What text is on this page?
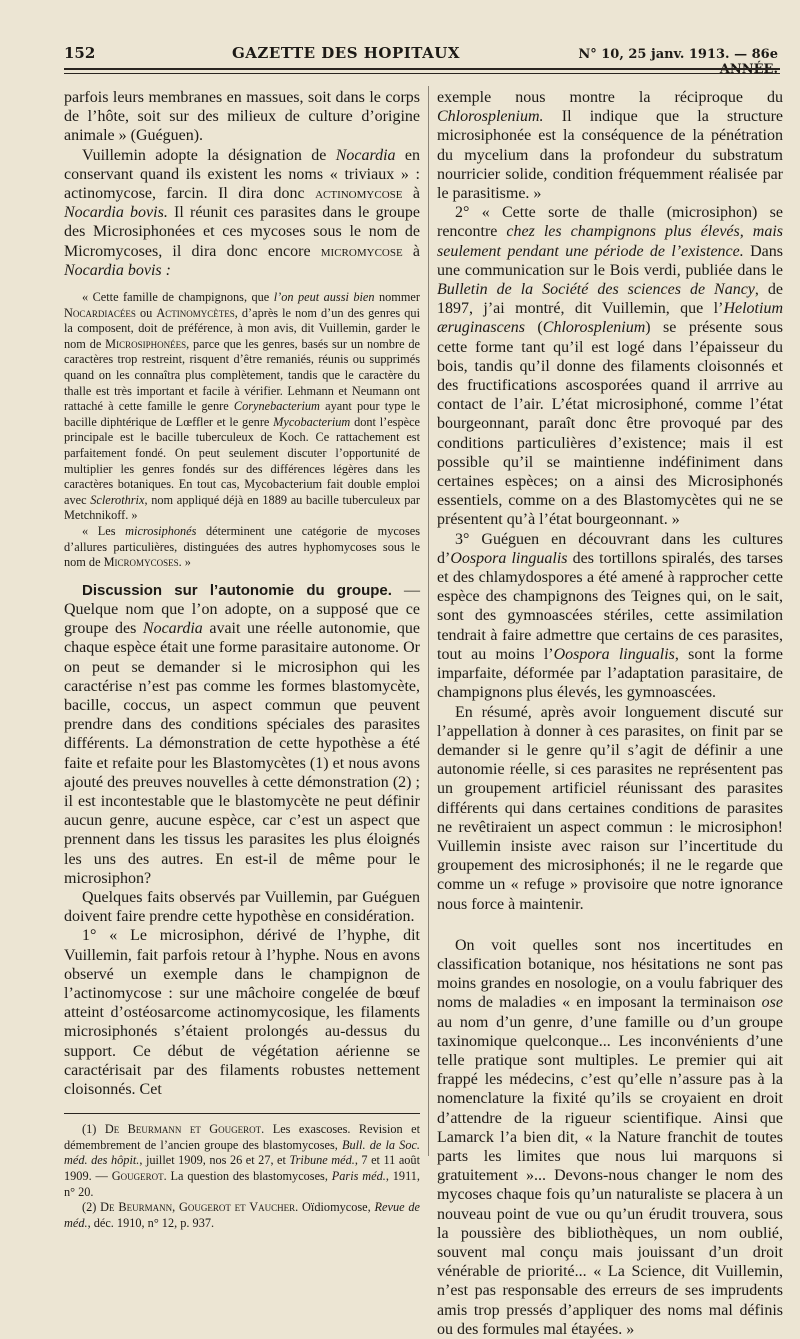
152	GAZETTE DES HOPITAUX	N° 10, 25 janv. 1913. — 86e ANNÉE.

parfois leurs membranes en massues, soit dans le corps de l’hôte, soit sur des milieux de culture d’origine animale » (Guéguen).

Vuillemin adopte la désignation de Nocardia en conservant quand ils existent les noms « triviaux » : actinomycose, farcin. Il dira donc actinomycose à Nocardia bovis. Il réunit ces parasites dans le groupe des Microsiphonées et ces mycoses sous le nom de Micromycoses, il dira donc encore micromycose à Nocardia bovis :

« Cette famille de champignons, que l’on peut aussi bien nommer Nocardiacées ou Actinomycètes, d’après le nom d’un des genres qui la composent, doit de préférence, à mon avis, dit Vuillemin, garder le nom de Microsiphonées, parce que les genres, basés sur un nombre de caractères trop restreint, risquent d’être remaniés, réunis ou supprimés quand on les connaîtra plus complètement, tandis que le caractère du thalle est très important et facile à vérifier. Lehmann et Neumann ont rattaché à cette famille le genre Corynebacterium ayant pour type le bacille diphtérique de Lœffler et le genre Mycobacterium dont l’espèce principale est le bacille tuberculeux de Koch. Ce rattachement est parfaitement fondé. On peut seulement discuter l’opportunité de multiplier les genres fondés sur des différences légères dans les caractères botaniques. En tout cas, Mycobacterium fait double emploi avec Sclerothrix, nom appliqué déjà en 1889 au bacille tuberculeux par Metchnikoff. »

« Les microsiphonés déterminent une catégorie de mycoses d’allures particulières, distinguées des autres hyphomycoses sous le nom de Micromycoses. »

Discussion sur l’autonomie du groupe. — Quelque nom que l’on adopte, on a supposé que ce groupe des Nocardia avait une réelle autonomie, que chaque espèce était une forme parasitaire autonome. Or on peut se demander si le microsiphon qui les caractérise n’est pas comme les formes blastomycète, bacille, coccus, un aspect commun que peuvent prendre dans des conditions spéciales des parasites différents. La démonstration de cette hypothèse a été faite et refaite pour les Blastomycètes (1) et nous avons ajouté des preuves nouvelles à cette démonstration (2) ; il est incontestable que le blastomycète ne peut définir aucun genre, aucune espèce, car c’est un aspect que prennent dans les tissus les parasites les plus éloignés les uns des autres. En est-il de même pour le microsiphon?

Quelques faits observés par Vuillemin, par Guéguen doivent faire prendre cette hypothèse en considération.

1° « Le microsiphon, dérivé de l’hyphe, dit Vuillemin, fait parfois retour à l’hyphe. Nous en avons observé un exemple dans le champignon de l’actinomycose : sur une mâchoire congelée de bœuf atteint d’ostéosarcome actinomycosique, les filaments microsiphonés s’étaient prolongés au-dessus du support. Ce début de végétation aérienne se caractérisait par des filaments robustes nettement cloisonnés. Cet

(1) De Beurmann et Gougerot. Les exascoses. Revision et démembrement de l’ancien groupe des blastomycoses, Bull. de la Soc. méd. des hôpit., juillet 1909, nos 26 et 27, et Tribune méd., 7 et 11 août 1909. — Gougerot. La question des blastomycoses, Paris méd., 1911, n° 20.

(2) De Beurmann, Gougerot et Vaucher. Oïdiomycose, Revue de méd., déc. 1910, n° 12, p. 937.

exemple nous montre la réciproque du Chlorosplenium. Il indique que la structure microsiphonée est la conséquence de la pénétration du mycelium dans la profondeur du substratum nourricier solide, condition fréquemment réalisée par le parasitisme. »

2° « Cette sorte de thalle (microsiphon) se rencontre chez les champignons plus élevés, mais seulement pendant une période de l’existence. Dans une communication sur le Bois verdi, publiée dans le Bulletin de la Société des sciences de Nancy, de 1897, j’ai montré, dit Vuillemin, que l’Helotium æruginascens (Chlorosplenium) se présente sous cette forme tant qu’il est logé dans l’épaisseur du bois, tandis qu’il donne des filaments cloisonnés et des fructifications ascosporées quand il arrrive au contact de l’air. L’état microsiphoné, comme l’état bourgeonnant, paraît donc être provoqué par des conditions particulières d’existence; mais il est possible qu’il se maintienne indéfiniment dans certaines espèces; on a ainsi des Microsiphonés essentiels, comme on a des Blastomycètes qui ne se présentent qu’à l’état bourgeonnant. »

3° Guéguen en découvrant dans les cultures d’Oospora lingualis des tortillons spiralés, des tarses et des chlamydospores a été amené à rapprocher cette espèce des champignons des Teignes qui, on le sait, sont des gymnoascées stériles, cette assimilation tendrait à faire admettre que certains de ces parasites, tout au moins l’Oospora lingualis, sont la forme imparfaite, déformée par l’adaptation parasitaire, de champignons plus élevés, les gymnoascées.

En résumé, après avoir longuement discuté sur l’appellation à donner à ces parasites, on finit par se demander si le genre qu’il s’agit de définir a une autonomie réelle, si ces parasites ne représentent pas un groupement artificiel réunissant des parasites différents qui dans certaines conditions de parasites ne revêtiraient un aspect commun : le microsiphon! Vuillemin insiste avec raison sur l’incertitude du groupement des microsiphonés; il ne le regarde que comme un « refuge » provisoire que notre ignorance nous force à maintenir.

On voit quelles sont nos incertitudes en classification botanique, nos hésitations ne sont pas moins grandes en nosologie, on a voulu fabriquer des noms de maladies « en imposant la terminaison ose au nom d’un genre, d’une famille ou d’un groupe taxinomique quelconque... Les inconvénients d’une telle pratique sont multiples. Le premier qui ait frappé les médecins, c’est qu’elle n’assure pas à la nomenclature la fixité qu’ils se croyaient en droit d’attendre de la rigueur scientifique. Ainsi que Lamarck l’a bien dit, « la Nature franchit de toutes parts les limites que nous lui marquons si gratuitement »... Devons-nous changer le nom des mycoses chaque fois qu’un naturaliste se placera à un nouveau point de vue ou qu’un érudit trouvera, sous la poussière des bibliothèques, un nom oublié, souvent mal conçu mais jouissant d’un droit vénérable de priorité... « La Science, dit Vuillemin, n’est pas responsable des erreurs de ses imprudents amis trop pressés d’appliquer des noms mal définis ou des formules mal étayées. »
